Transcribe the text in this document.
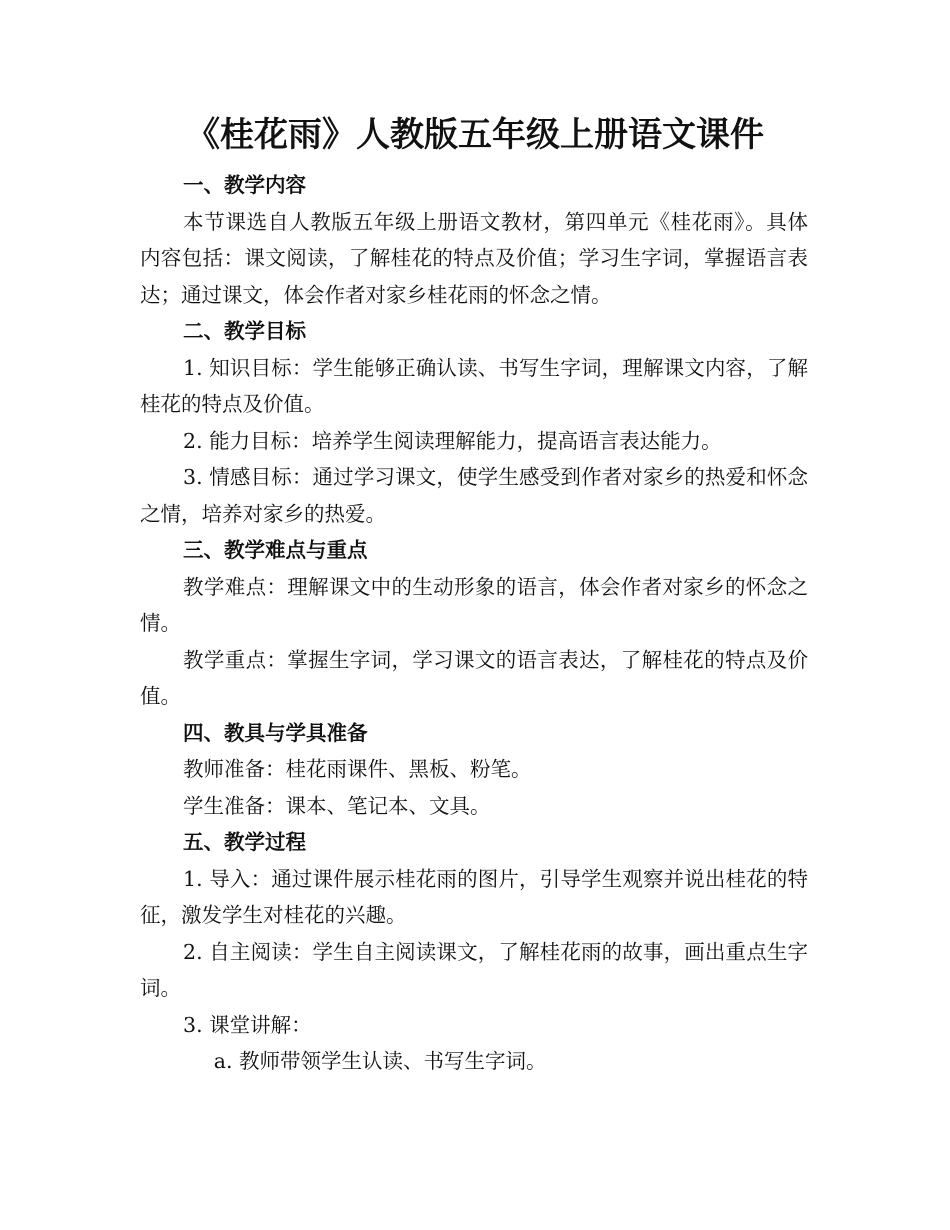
《桂花雨》人教版五年级上册语文课件

一、教学内容

本节课选自人教版五年级上册语文教材，第四单元《桂花雨》。具体内容包括：课文阅读，了解桂花的特点及价值；学习生字词，掌握语言表达；通过课文，体会作者对家乡桂花雨的怀念之情。

二、教学目标

1. 知识目标：学生能够正确认读、书写生字词，理解课文内容，了解桂花的特点及价值。

2. 能力目标：培养学生阅读理解能力，提高语言表达能力。

3. 情感目标：通过学习课文，使学生感受到作者对家乡的热爱和怀念之情，培养对家乡的热爱。

三、教学难点与重点

教学难点：理解课文中的生动形象的语言，体会作者对家乡的怀念之情。

教学重点：掌握生字词，学习课文的语言表达，了解桂花的特点及价值。

四、教具与学具准备

教师准备：桂花雨课件、黑板、粉笔。

学生准备：课本、笔记本、文具。

五、教学过程

1. 导入：通过课件展示桂花雨的图片，引导学生观察并说出桂花的特征，激发学生对桂花的兴趣。

2. 自主阅读：学生自主阅读课文，了解桂花雨的故事，画出重点生字词。

3. 课堂讲解：

a. 教师带领学生认读、书写生字词。
